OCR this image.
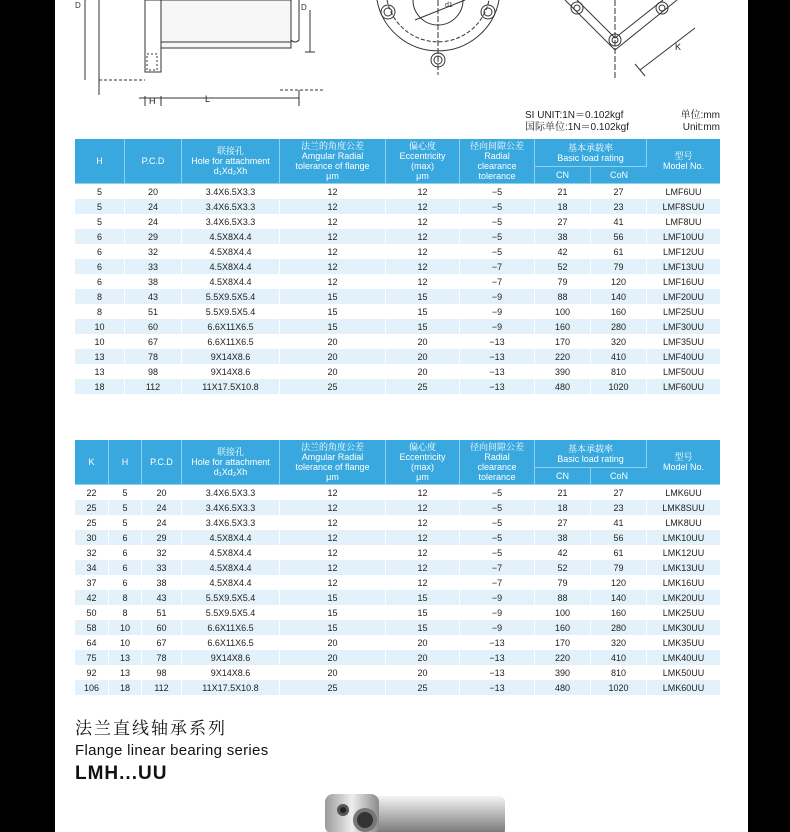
D	D
H	L
d1
K
SI UNIT:1N＝0.102kgf	单位:mm
国际单位:1N＝0.102kgf	Unit:mm
H	P.C.D	联接孔
Hole for attachment
d₁Xd₂Xh	法兰的角度公差
Amgular Radial
tolerance of flange
μm	偏心度
Eccentricity
(max)
μm	径向间隙公差
Radial
clearance
tolerance	基本承载率
Basic load rating		型号
Model No.
						CN	CoN	
5	20	3.4X6.5X3.3	12	12	−5	21	27	LMF6UU
5	24	3.4X6.5X3.3	12	12	−5	18	23	LMF8SUU
5	24	3.4X6.5X3.3	12	12	−5	27	41	LMF8UU
6	29	4.5X8X4.4	12	12	−5	38	56	LMF10UU
6	32	4.5X8X4.4	12	12	−5	42	61	LMF12UU
6	33	4.5X8X4.4	12	12	−7	52	79	LMF13UU
6	38	4.5X8X4.4	12	12	−7	79	120	LMF16UU
8	43	5.5X9.5X5.4	15	15	−9	88	140	LMF20UU
8	51	5.5X9.5X5.4	15	15	−9	100	160	LMF25UU
10	60	6.6X11X6.5	15	15	−9	160	280	LMF30UU
10	67	6.6X11X6.5	20	20	−13	170	320	LMF35UU
13	78	9X14X8.6	20	20	−13	220	410	LMF40UU
13	98	9X14X8.6	20	20	−13	390	810	LMF50UU
18	112	11X17.5X10.8	25	25	−13	480	1020	LMF60UU
K	H	P.C.D	联接孔
Hole for attachment
d₁Xd₂Xh	法兰的角度公差
Amgular Radial
tolerance of flange
μm	偏心度
Eccentricity
(max)
μm	径向间隙公差
Radial
clearance
tolerance	基本承载率
Basic load rating		型号
Model No.
							CN	CoN	
22	5	20	3.4X6.5X3.3	12	12	−5	21	27	LMK6UU
25	5	24	3.4X6.5X3.3	12	12	−5	18	23	LMK8SUU
25	5	24	3.4X6.5X3.3	12	12	−5	27	41	LMK8UU
30	6	29	4.5X8X4.4	12	12	−5	38	56	LMK10UU
32	6	32	4.5X8X4.4	12	12	−5	42	61	LMK12UU
34	6	33	4.5X8X4.4	12	12	−7	52	79	LMK13UU
37	6	38	4.5X8X4.4	12	12	−7	79	120	LMK16UU
42	8	43	5.5X9.5X5.4	15	15	−9	88	140	LMK20UU
50	8	51	5.5X9.5X5.4	15	15	−9	100	160	LMK25UU
58	10	60	6.6X11X6.5	15	15	−9	160	280	LMK30UU
64	10	67	6.6X11X6.5	20	20	−13	170	320	LMK35UU
75	13	78	9X14X8.6	20	20	−13	220	410	LMK40UU
92	13	98	9X14X8.6	20	20	−13	390	810	LMK50UU
106	18	112	11X17.5X10.8	25	25	−13	480	1020	LMK60UU
法兰直线轴承系列
Flange linear bearing series
LMH...UU
